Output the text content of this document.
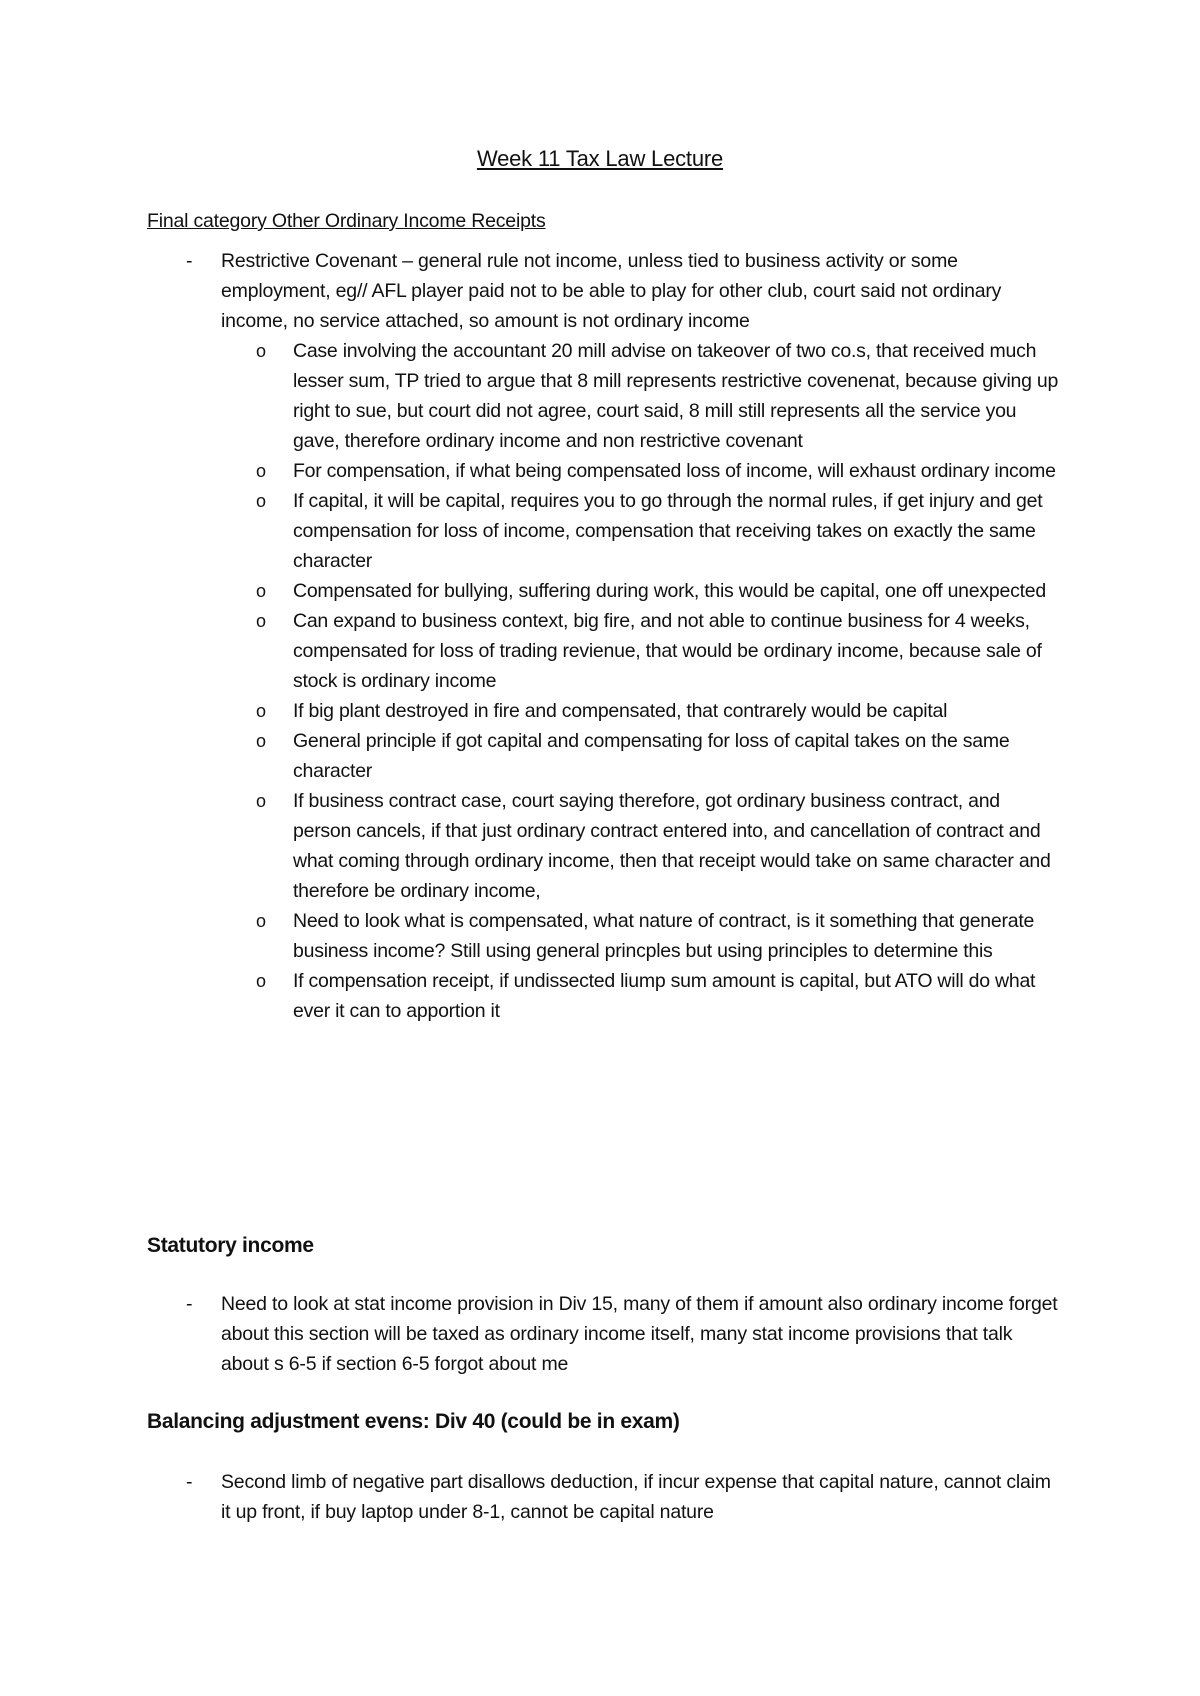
Week 11 Tax Law Lecture
Final category Other Ordinary Income Receipts
- Restrictive Covenant – general rule not income, unless tied to business activity or some employment, eg// AFL player paid not to be able to play for other club, court said not ordinary income, no service attached, so amount is not ordinary income
o Case involving the accountant 20 mill advise on takeover of two co.s, that received much lesser sum, TP tried to argue that 8 mill represents restrictive covenenat, because giving up right to sue, but court did not agree, court said, 8 mill still represents all the service you gave, therefore ordinary income and non restrictive covenant
o For compensation, if what being compensated loss of income, will exhaust ordinary income
o If capital, it will be capital, requires you to go through the normal rules, if get injury and get compensation for loss of income, compensation that receiving takes on exactly the same character
o Compensated for bullying, suffering during work, this would be capital, one off unexpected
o Can expand to business context, big fire, and not able to continue business for 4 weeks, compensated for loss of trading revienue, that would be ordinary income, because sale of stock is ordinary income
o If big plant destroyed in fire and compensated, that contrarely would be capital
o General principle if got capital and compensating for loss of capital takes on the same character
o If business contract case, court saying therefore, got ordinary business contract, and person cancels, if that just ordinary contract entered into, and cancellation of contract and what coming through ordinary income, then that receipt would take on same character and therefore be ordinary income,
o Need to look what is compensated, what nature of contract, is it something that generate business income? Still using general princples but using principles to determine this
o If compensation receipt, if undissected liump sum amount is capital, but ATO will do what ever it can to apportion it
Statutory income
- Need to look at stat income provision in Div 15, many of them if amount also ordinary income forget about this section will be taxed as ordinary income itself, many stat income provisions that talk about s 6-5 if section 6-5 forgot about me
Balancing adjustment evens: Div 40 (could be in exam)
- Second limb of negative part disallows deduction, if incur expense that capital nature, cannot claim it up front, if buy laptop under 8-1, cannot be capital nature
